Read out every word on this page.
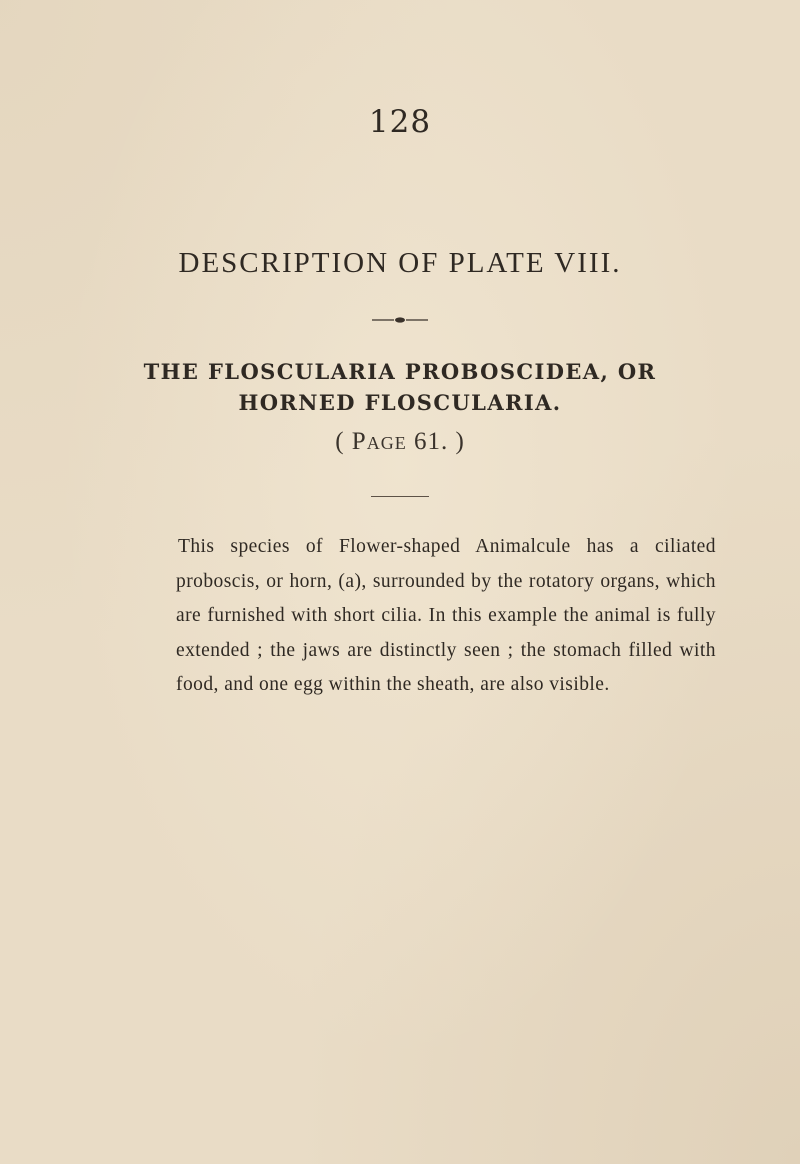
128
DESCRIPTION OF PLATE VIII.
THE FLOSCULARIA PROBOSCIDEA, OR HORNED FLOSCULARIA.
( Page 61. )

This species of Flower-shaped Animalcule has a ciliated proboscis, or horn, (a), surrounded by the rotatory organs, which are furnished with short cilia. In this example the animal is fully extended ; the jaws are distinctly seen ; the stomach filled with food, and one egg within the sheath, are also visible.
